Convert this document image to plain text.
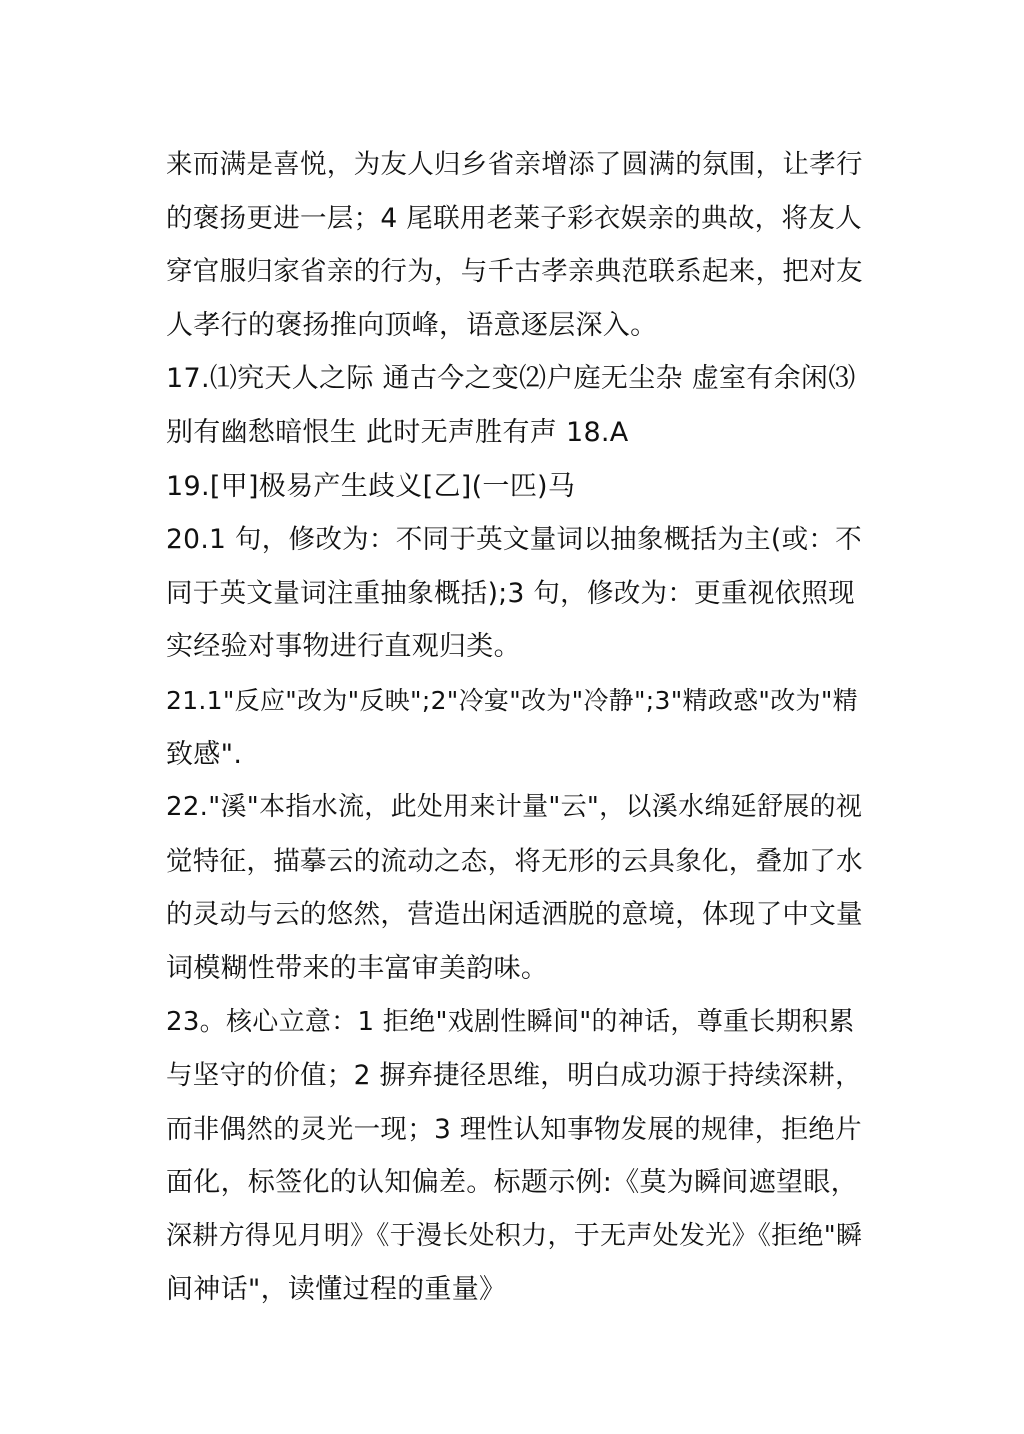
来而满是喜悦，为友人归乡省亲增添了圆满的氛围，让孝行
的褒扬更进一层；4 尾联用老莱子彩衣娱亲的典故，将友人
穿官服归家省亲的行为，与千古孝亲典范联系起来，把对友
人孝行的褒扬推向顶峰，语意逐层深入。
17.⑴究天人之际 通古今之变⑵户庭无尘杂 虚室有余闲⑶
别有幽愁暗恨生 此时无声胜有声 18.A
19.[甲]极易产生歧义[乙](一匹)马
20.1 句，修改为：不同于英文量词以抽象概括为主(或：不
同于英文量词注重抽象概括);3 句，修改为：更重视依照现
实经验对事物进行直观归类。
21.1"反应"改为"反映";2"冷宴"改为"冷静";3"精政惑"改为"精
致感".
22."溪"本指水流，此处用来计量"云"，以溪水绵延舒展的视
觉特征，描摹云的流动之态，将无形的云具象化，叠加了水
的灵动与云的悠然，营造出闲适洒脱的意境，体现了中文量
词模糊性带来的丰富审美韵味。
23。核心立意：1 拒绝"戏剧性瞬间"的神话，尊重长期积累
与坚守的价值；2 摒弃捷径思维，明白成功源于持续深耕，
而非偶然的灵光一现；3 理性认知事物发展的规律，拒绝片
面化，标签化的认知偏差。标题示例:《莫为瞬间遮望眼，
深耕方得见月明》《于漫长处积力，于无声处发光》《拒绝"瞬
间神话"，读懂过程的重量》
